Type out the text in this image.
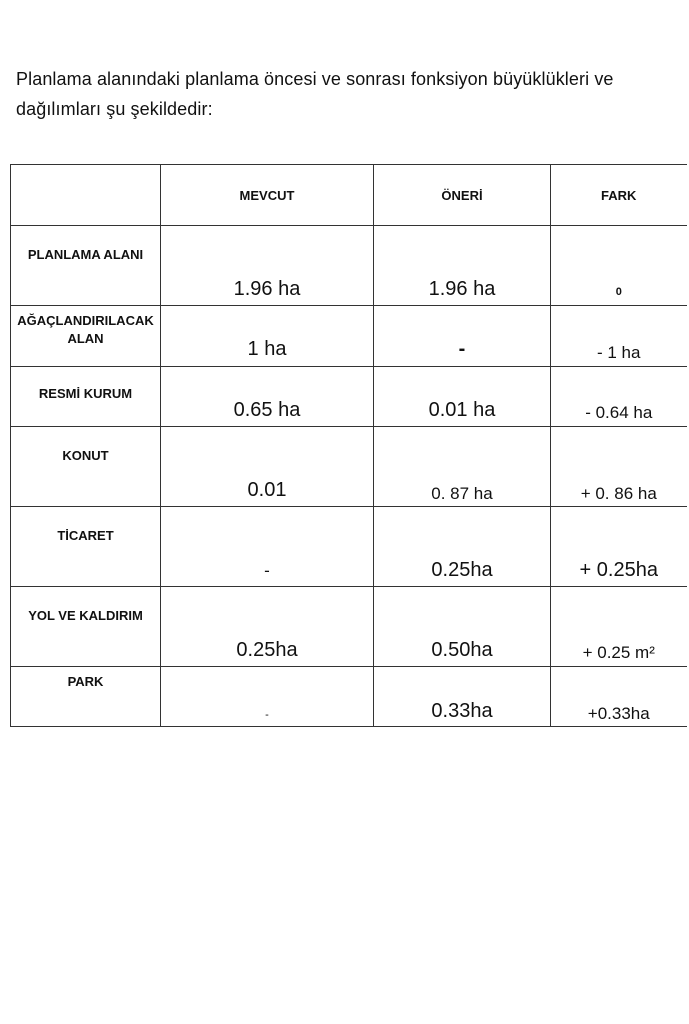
Planlama alanındaki planlama öncesi ve sonrası fonksiyon büyüklükleri ve dağılımları şu şekildedir:

	MEVCUT	ÖNERİ	FARK
PLANLAMA ALANI	1.96 ha	1.96 ha	0

AĞAÇLANDIRILACAK ALAN	1 ha	-	- 1 ha

RESMİ KURUM	0.65 ha	0.01 ha	- 0.64 ha

KONUT	0.01	0. 87 ha	+ 0. 86 ha

TİCARET	-	0.25ha	+ 0.25ha

YOL VE KALDIRIM	0.25ha	0.50ha	+ 0.25 m²

PARK	-	0.33ha	+0.33ha
